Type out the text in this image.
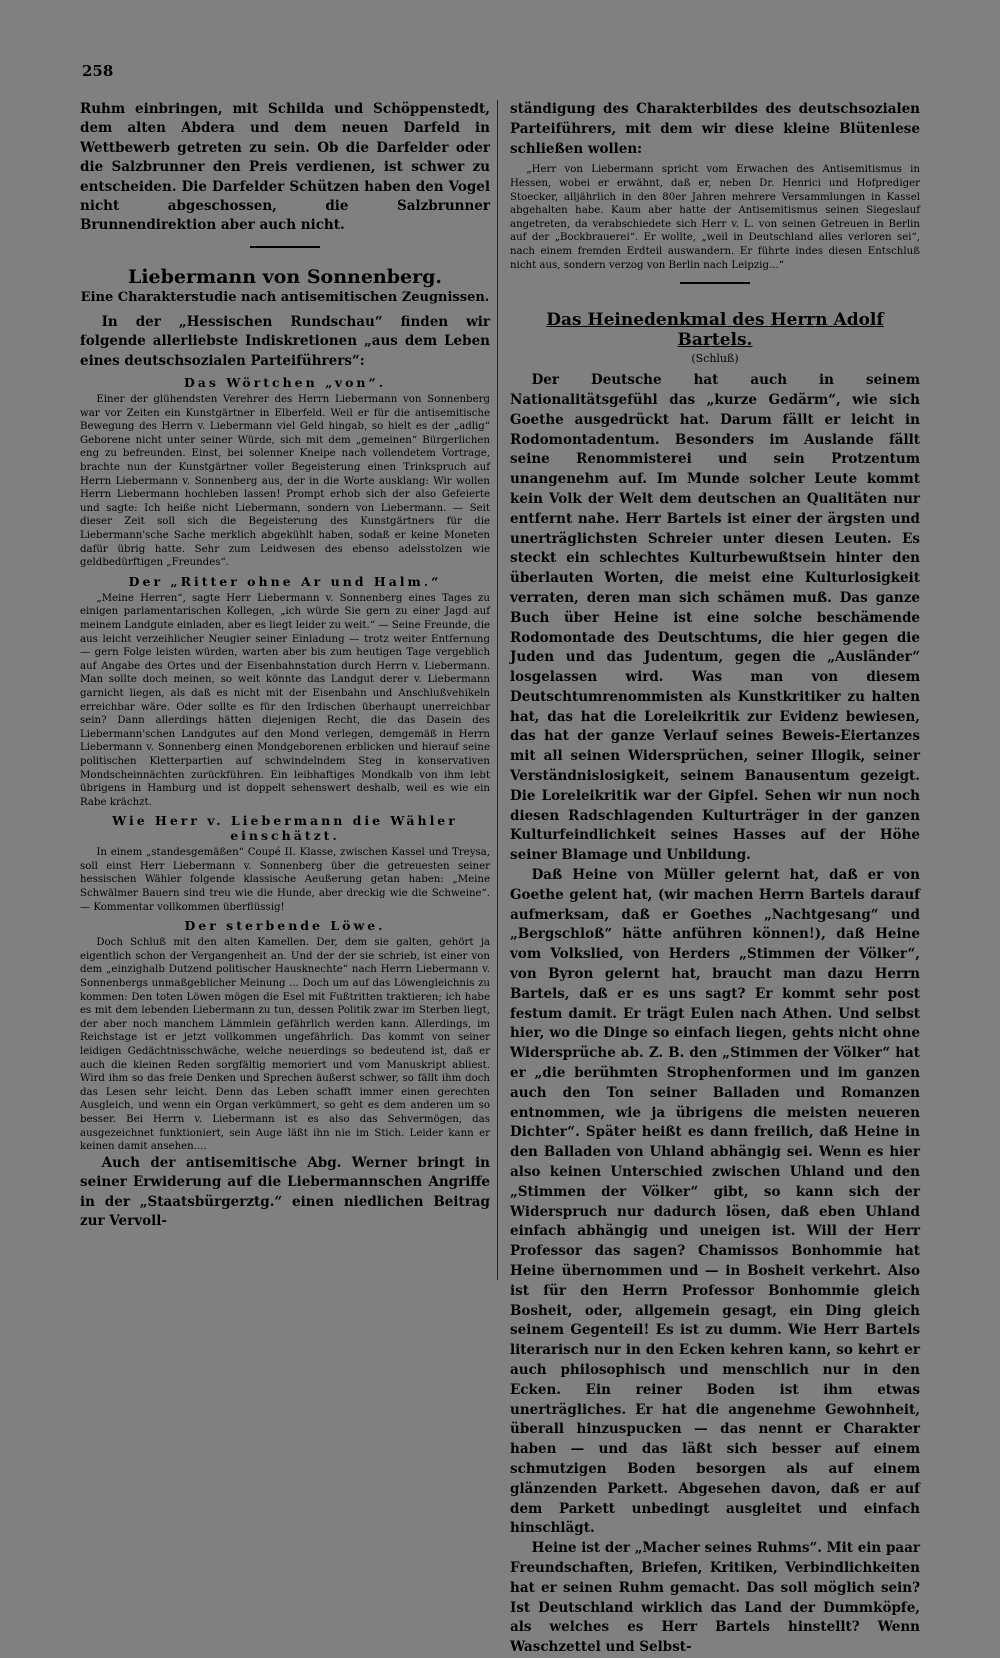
258

Ruhm einbringen, mit Schilda und Schöppenstedt, dem alten Abdera und dem neuen Darfeld in Wettbewerb getreten zu sein. Ob die Darfelder oder die Salzbrunner den Preis verdienen, ist schwer zu entscheiden. Die Darfelder Schützen haben den Vogel nicht abgeschossen, die Salzbrunner Brunnendirektion aber auch nicht.

Liebermann von Sonnenberg.
Eine Charakterstudie nach antisemitischen Zeugnissen.

In der „Hessischen Rundschau“ finden wir folgende allerliebste Indiskretionen „aus dem Leben eines deutschsozialen Parteiführers“:

Das Wörtchen „von“.

Einer der glühendsten Verehrer des Herrn Liebermann von Sonnenberg war vor Zeiten ein Kunstgärtner in Elberfeld. Weil er für die antisemitische Bewegung des Herrn v. Liebermann viel Geld hingab, so hielt es der „adlig“ Geborene nicht unter seiner Würde, sich mit dem „gemeinen“ Bürgerlichen eng zu befreunden. Einst, bei solenner Kneipe nach vollendetem Vortrage, brachte nun der Kunstgärtner voller Begeisterung einen Trinkspruch auf Herrn Liebermann v. Sonnenberg aus, der in die Worte ausklang: Wir wollen Herrn Liebermann hochleben lassen! Prompt erhob sich der also Gefeierte und sagte: Ich heiße nicht Liebermann, sondern von Liebermann. — Seit dieser Zeit soll sich die Begeisterung des Kunstgärtners für die Liebermann'sche Sache merklich abgekühlt haben, sodaß er keine Moneten dafür übrig hatte. Sehr zum Leidwesen des ebenso adelsstolzen wie geldbedürftigen „Freundes“.

Der „Ritter ohne Ar und Halm.“

„Meine Herren“, sagte Herr Liebermann v. Sonnenberg eines Tages zu einigen parlamentarischen Kollegen, „ich würde Sie gern zu einer Jagd auf meinem Landgute einladen, aber es liegt leider zu weit.“ — Seine Freunde, die aus leicht verzeihlicher Neugier seiner Einladung — trotz weiter Entfernung — gern Folge leisten würden, warten aber bis zum heutigen Tage vergeblich auf Angabe des Ortes und der Eisenbahnstation durch Herrn v. Liebermann. Man sollte doch meinen, so weit könnte das Landgut derer v. Liebermann garnicht liegen, als daß es nicht mit der Eisenbahn und Anschlußvehikeln erreichbar wäre. Oder sollte es für den Irdischen überhaupt unerreichbar sein? Dann allerdings hätten diejenigen Recht, die das Dasein des Liebermann'schen Landgutes auf den Mond verlegen, demgemäß in Herrn Liebermann v. Sonnenberg einen Mondgeborenen erblicken und hierauf seine politischen Kletterpartien auf schwindelndem Steg in konservativen Mondscheinnächten zurückführen. Ein leibhaftiges Mondkalb von ihm lebt übrigens in Hamburg und ist doppelt sehenswert deshalb, weil es wie ein Rabe krächzt.

Wie Herr v. Liebermann die Wähler einschätzt.

In einem „standesgemäßen“ Coupé II. Klasse, zwischen Kassel und Treysa, soll einst Herr Liebermann v. Sonnenberg über die getreuesten seiner hessischen Wähler folgende klassische Aeußerung getan haben: „Meine Schwälmer Bauern sind treu wie die Hunde, aber dreckig wie die Schweine“. — Kommentar vollkommen überflüssig!

Der sterbende Löwe.

Doch Schluß mit den alten Kamellen. Der, dem sie galten, gehört ja eigentlich schon der Vergangenheit an. Und der der sie schrieb, ist einer von dem „einzighalb Dutzend politischer Hausknechte“ nach Herrn Liebermann v. Sonnenbergs unmaßgeblicher Meinung ... Doch um auf das Löwengleichnis zu kommen: Den toten Löwen mögen die Esel mit Fußtritten traktieren; ich habe es mit dem lebenden Liebermann zu tun, dessen Politik zwar im Sterben liegt, der aber noch manchem Lämmlein gefährlich werden kann. Allerdings, im Reichstage ist er jetzt vollkommen ungefährlich. Das kommt von seiner leidigen Gedächtnisschwäche, welche neuerdings so bedeutend ist, daß er auch die kleinen Reden sorgfältig memoriert und vom Manuskript abliest. Wird ihm so das freie Denken und Sprechen äußerst schwer, so fällt ihm doch das Lesen sehr leicht. Denn das Leben schafft immer einen gerechten Ausgleich, und wenn ein Organ verkümmert, so geht es dem anderen um so besser. Bei Herrn v. Liebermann ist es also das Sehvermögen, das ausgezeichnet funktioniert, sein Auge läßt ihn nie im Stich. Leider kann er keinen damit ansehen....

Auch der antisemitische Abg. Werner bringt in seiner Erwiderung auf die Liebermannschen Angriffe in der „Staatsbürgerztg.“ einen niedlichen Beitrag zur Vervoll-

ständigung des Charakterbildes des deutschsozialen Parteiführers, mit dem wir diese kleine Blütenlese schließen wollen:

„Herr von Liebermann spricht vom Erwachen des Antisemitismus in Hessen, wobei er erwähnt, daß er, neben Dr. Henrici und Hofprediger Stoecker, alljährlich in den 80er Jahren mehrere Versammlungen in Kassel abgehalten habe. Kaum aber hatte der Antisemitismus seinen Siegeslauf angetreten, da verabschiedete sich Herr v. L. von seinen Getreuen in Berlin auf der „Bockbrauerei“. Er wollte, „weil in Deutschland alles verloren sei“, nach einem fremden Erdteil auswandern. Er führte indes diesen Entschluß nicht aus, sondern verzog von Berlin nach Leipzig...“

Das Heinedenkmal des Herrn Adolf Bartels.
(Schluß)

Der Deutsche hat auch in seinem Nationalitätsgefühl das „kurze Gedärm“, wie sich Goethe ausgedrückt hat. Darum fällt er leicht in Rodomontadentum. Besonders im Auslande fällt seine Renommisterei und sein Protzentum unangenehm auf. Im Munde solcher Leute kommt kein Volk der Welt dem deutschen an Qualitäten nur entfernt nahe. Herr Bartels ist einer der ärgsten und unerträglichsten Schreier unter diesen Leuten. Es steckt ein schlechtes Kulturbewußtsein hinter den überlauten Worten, die meist eine Kulturlosigkeit verraten, deren man sich schämen muß. Das ganze Buch über Heine ist eine solche beschämende Rodomontade des Deutschtums, die hier gegen die Juden und das Judentum, gegen die „Ausländer“ losgelassen wird. Was man von diesem Deutschtumrenommisten als Kunstkritiker zu halten hat, das hat die Loreleikritik zur Evidenz bewiesen, das hat der ganze Verlauf seines Beweis-Eiertanzes mit all seinen Widersprüchen, seiner Illogik, seiner Verständnislosigkeit, seinem Banausentum gezeigt. Die Loreleikritik war der Gipfel. Sehen wir nun noch diesen Radschlagenden Kulturträger in der ganzen Kulturfeindlichkeit seines Hasses auf der Höhe seiner Blamage und Unbildung.

Daß Heine von Müller gelernt hat, daß er von Goethe gelent hat, (wir machen Herrn Bartels darauf aufmerksam, daß er Goethes „Nachtgesang“ und „Bergschloß“ hätte anführen können!), daß Heine vom Volkslied, von Herders „Stimmen der Völker“, von Byron gelernt hat, braucht man dazu Herrn Bartels, daß er es uns sagt? Er kommt sehr post festum damit. Er trägt Eulen nach Athen. Und selbst hier, wo die Dinge so einfach liegen, gehts nicht ohne Widersprüche ab. Z. B. den „Stimmen der Völker“ hat er „die berühmten Strophenformen und im ganzen auch den Ton seiner Balladen und Romanzen entnommen, wie ja übrigens die meisten neueren Dichter“. Später heißt es dann freilich, daß Heine in den Balladen von Uhland abhängig sei. Wenn es hier also keinen Unterschied zwischen Uhland und den „Stimmen der Völker“ gibt, so kann sich der Widerspruch nur dadurch lösen, daß eben Uhland einfach abhängig und uneigen ist. Will der Herr Professor das sagen? Chamissos Bonhommie hat Heine übernommen und — in Bosheit verkehrt. Also ist für den Herrn Professor Bonhommie gleich Bosheit, oder, allgemein gesagt, ein Ding gleich seinem Gegenteil! Es ist zu dumm. Wie Herr Bartels literarisch nur in den Ecken kehren kann, so kehrt er auch philosophisch und menschlich nur in den Ecken. Ein reiner Boden ist ihm etwas unerträgliches. Er hat die angenehme Gewohnheit, überall hinzuspucken — das nennt er Charakter haben — und das läßt sich besser auf einem schmutzigen Boden besorgen als auf einem glänzenden Parkett. Abgesehen davon, daß er auf dem Parkett unbedingt ausgleitet und einfach hinschlägt.

Heine ist der „Macher seines Ruhms“. Mit ein paar Freundschaften, Briefen, Kritiken, Verbindlichkeiten hat er seinen Ruhm gemacht. Das soll möglich sein? Ist Deutschland wirklich das Land der Dummköpfe, als welches es Herr Bartels hinstellt? Wenn Waschzettel und Selbst-
